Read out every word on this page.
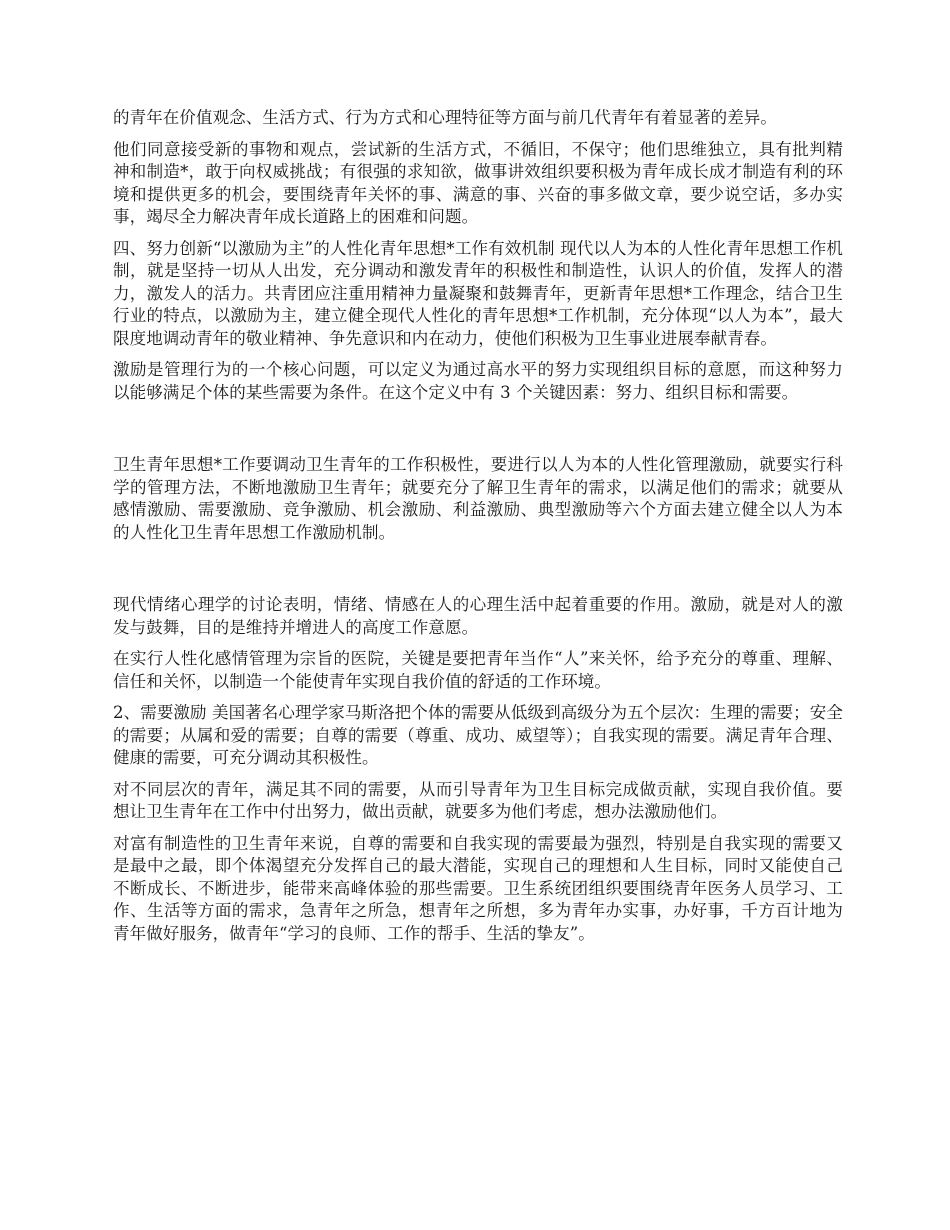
的青年在价值观念、生活方式、行为方式和心理特征等方面与前几代青年有着显著的差异。

他们同意接受新的事物和观点，尝试新的生活方式，不循旧，不保守；他们思维独立，具有批判精神和制造*，敢于向权威挑战；有很强的求知欲，做事讲效组织要积极为青年成长成才制造有利的环境和提供更多的机会，要围绕青年关怀的事、满意的事、兴奋的事多做文章，要少说空话，多办实事，竭尽全力解决青年成长道路上的困难和问题。

四、努力创新“以激励为主”的人性化青年思想*工作有效机制 现代以人为本的人性化青年思想工作机制，就是坚持一切从人出发，充分调动和激发青年的积极性和制造性，认识人的价值，发挥人的潜力，激发人的活力。共青团应注重用精神力量凝聚和鼓舞青年，更新青年思想*工作理念，结合卫生行业的特点，以激励为主，建立健全现代人性化的青年思想*工作机制，充分体现“以人为本”，最大限度地调动青年的敬业精神、争先意识和内在动力，使他们积极为卫生事业进展奉献青春。

激励是管理行为的一个核心问题，可以定义为通过高水平的努力实现组织目标的意愿，而这种努力以能够满足个体的某些需要为条件。在这个定义中有 3 个关键因素：努力、组织目标和需要。

卫生青年思想*工作要调动卫生青年的工作积极性，要进行以人为本的人性化管理激励，就要实行科学的管理方法，不断地激励卫生青年；就要充分了解卫生青年的需求，以满足他们的需求；就要从感情激励、需要激励、竞争激励、机会激励、利益激励、典型激励等六个方面去建立健全以人为本的人性化卫生青年思想工作激励机制。

现代情绪心理学的讨论表明，情绪、情感在人的心理生活中起着重要的作用。激励，就是对人的激发与鼓舞，目的是维持并增进人的高度工作意愿。

在实行人性化感情管理为宗旨的医院，关键是要把青年当作“人”来关怀，给予充分的尊重、理解、信任和关怀，以制造一个能使青年实现自我价值的舒适的工作环境。

2、需要激励 美国著名心理学家马斯洛把个体的需要从低级到高级分为五个层次：生理的需要；安全的需要；从属和爱的需要；自尊的需要（尊重、成功、威望等）；自我实现的需要。满足青年合理、健康的需要，可充分调动其积极性。

对不同层次的青年，满足其不同的需要，从而引导青年为卫生目标完成做贡献，实现自我价值。要想让卫生青年在工作中付出努力，做出贡献，就要多为他们考虑，想办法激励他们。

对富有制造性的卫生青年来说，自尊的需要和自我实现的需要最为强烈，特别是自我实现的需要又是最中之最，即个体渴望充分发挥自己的最大潜能，实现自己的理想和人生目标，同时又能使自己不断成长、不断进步，能带来高峰体验的那些需要。卫生系统团组织要围绕青年医务人员学习、工作、生活等方面的需求，急青年之所急，想青年之所想，多为青年办实事，办好事，千方百计地为青年做好服务，做青年“学习的良师、工作的帮手、生活的挚友”。
